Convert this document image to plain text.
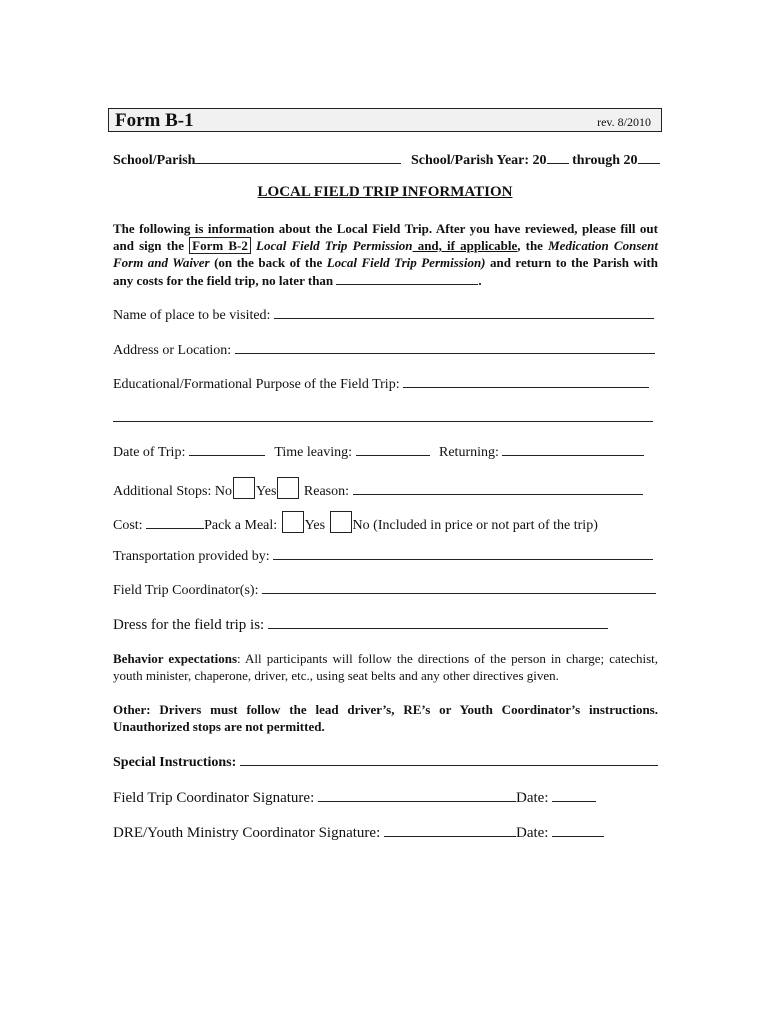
Form B-1	rev. 8/2010
School/Parish	School/Parish Year: 20 through 20
LOCAL FIELD TRIP INFORMATION
The following is information about the Local Field Trip. After you have reviewed, please fill out and sign the Form B-2 Local Field Trip Permission and, if applicable, the Medication Consent Form and Waiver (on the back of the Local Field Trip Permission) and return to the Parish with any costs for the field trip, no later than	.
Name of place to be visited:
Address or Location:
Educational/Formational Purpose of the Field Trip:
Date of Trip:	Time leaving:	Returning:
Additional Stops: No Yes Reason:
Cost:	Pack a Meal: Yes No (Included in price or not part of the trip)
Transportation provided by:
Field Trip Coordinator(s):
Dress for the field trip is:
Behavior expectations: All participants will follow the directions of the person in charge; catechist, youth minister, chaperone, driver, etc., using seat belts and any other directives given.
Other: Drivers must follow the lead driver’s, RE’s or Youth Coordinator’s instructions. Unauthorized stops are not permitted.
Special Instructions:
Field Trip Coordinator Signature:	Date:
DRE/Youth Ministry Coordinator Signature:	Date:
